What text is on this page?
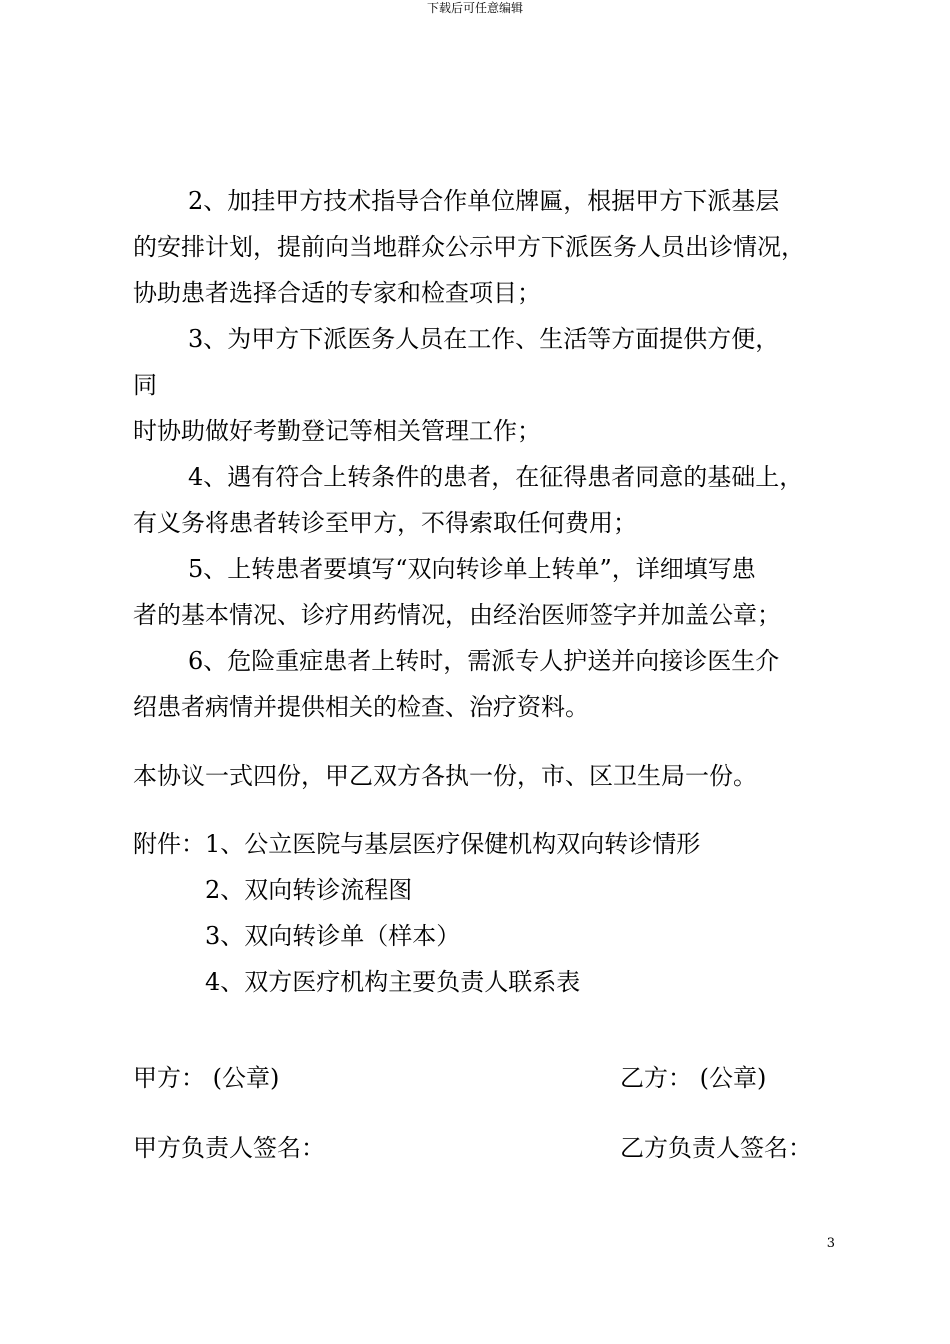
下载后可任意编辑
2、加挂甲方技术指导合作单位牌匾，根据甲方下派基层
的安排计划，提前向当地群众公示甲方下派医务人员出诊情况，
协助患者选择合适的专家和检查项目；
3、为甲方下派医务人员在工作、生活等方面提供方便，
同
时协助做好考勤登记等相关管理工作；
4、遇有符合上转条件的患者，在征得患者同意的基础上，
有义务将患者转诊至甲方，不得索取任何费用；
5、上转患者要填写“双向转诊单上转单”，详细填写患
者的基本情况、诊疗用药情况，由经治医师签字并加盖公章；
6、危险重症患者上转时，需派专人护送并向接诊医生介
绍患者病情并提供相关的检查、治疗资料。
本协议一式四份，甲乙双方各执一份，市、区卫生局一份。
附件： 1、公立医院与基层医疗保健机构双向转诊情形
2、双向转诊流程图
3、双向转诊单（样本）
4、双方医疗机构主要负责人联系表
甲方： (公章)	乙方： (公章)
甲方负责人签名：	乙方负责人签名：
3
